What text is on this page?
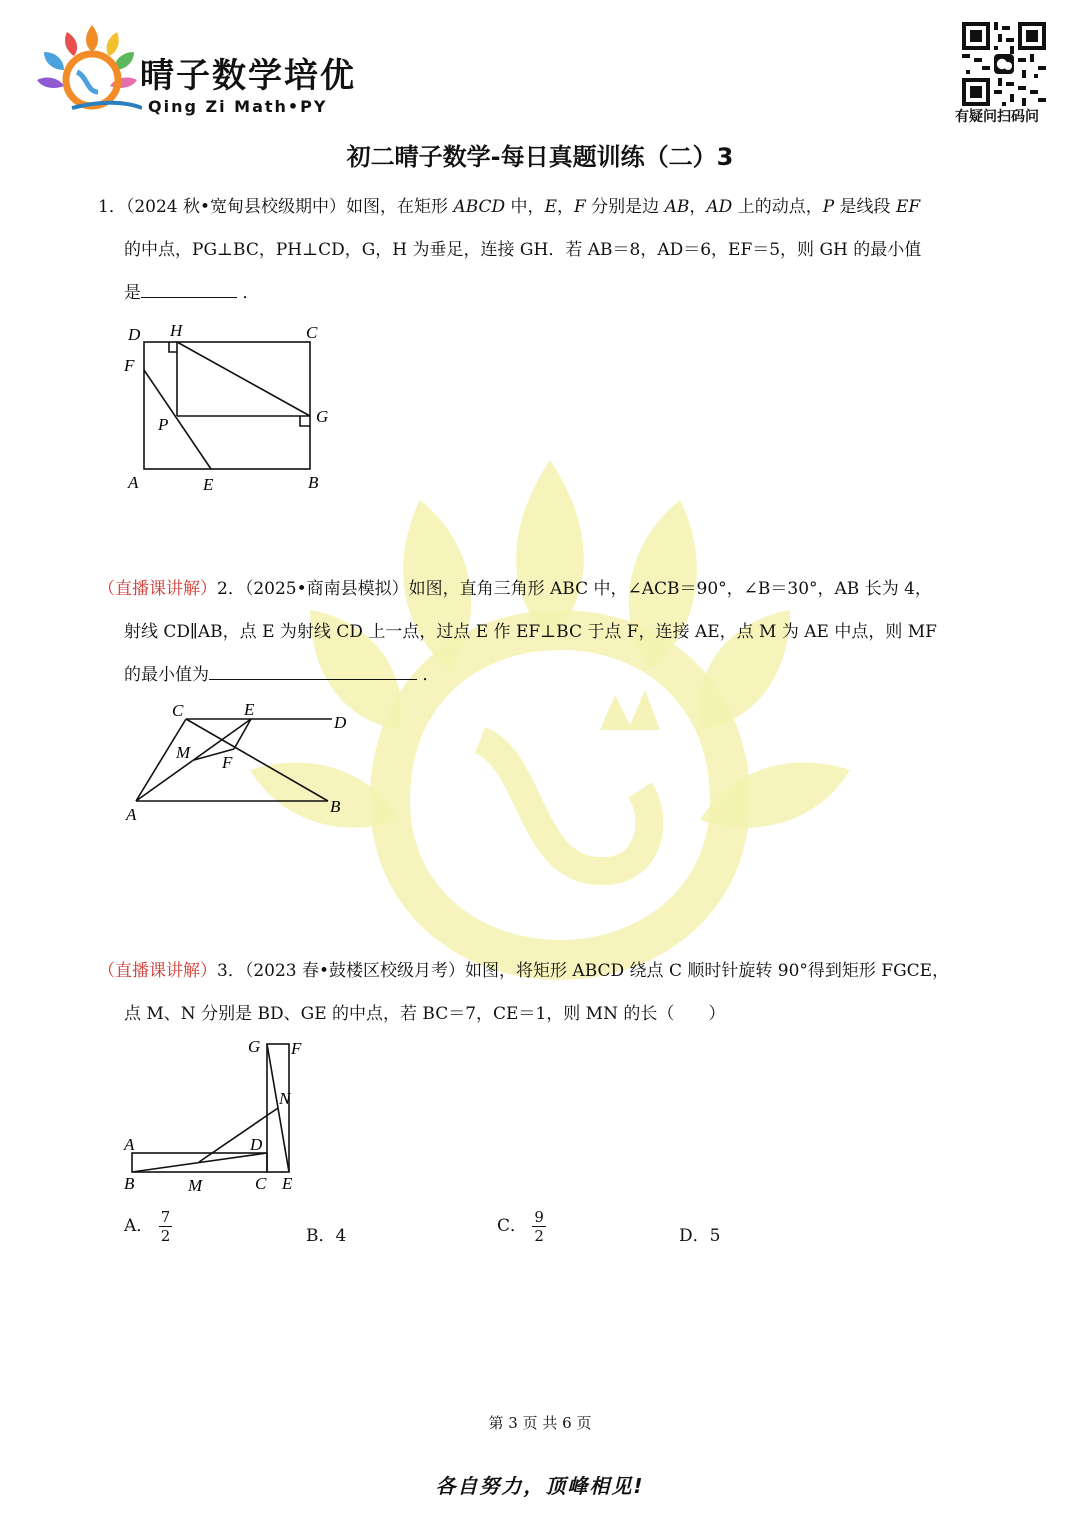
晴子数学培优
Qing Zi Math•PY
有疑问扫码问
初二晴子数学-每日真题训练（二）3
1．（2024 秋•宽甸县校级期中）如图，在矩形 ABCD 中，E，F 分别是边 AB，AD 上的动点，P 是线段 EF
的中点，PG⊥BC，PH⊥CD，G，H 为垂足，连接 GH．若 AB＝8，AD＝6，EF＝5，则 GH 的最小值
是	．
D H	C
F
P	G
A	E	B
（直播课讲解）2．（2025•商南县模拟）如图，直角三角形 ABC 中，∠ACB＝90°，∠B＝30°，AB 长为 4，
射线 CD∥AB，点 E 为射线 CD 上一点，过点 E 作 EF⊥BC 于点 F，连接 AE，点 M 为 AE 中点，则 MF
的最小值为	．
C	E
D
M
F
A	B
（直播课讲解）3．（2023 春•鼓楼区校级月考）如图，将矩形 ABCD 绕点 C 顺时针旋转 90°得到矩形 FGCE，
点 M、N 分别是 BD、GE 的中点，若 BC＝7，CE＝1，则 MN 的长（　　）
G F
N
A	D
B	M	C E
A． $\frac{7}{2}$	B．4	C． $\frac{9}{2}$	D．5
第 3 页 共 6 页
各自努力，顶峰相见!
